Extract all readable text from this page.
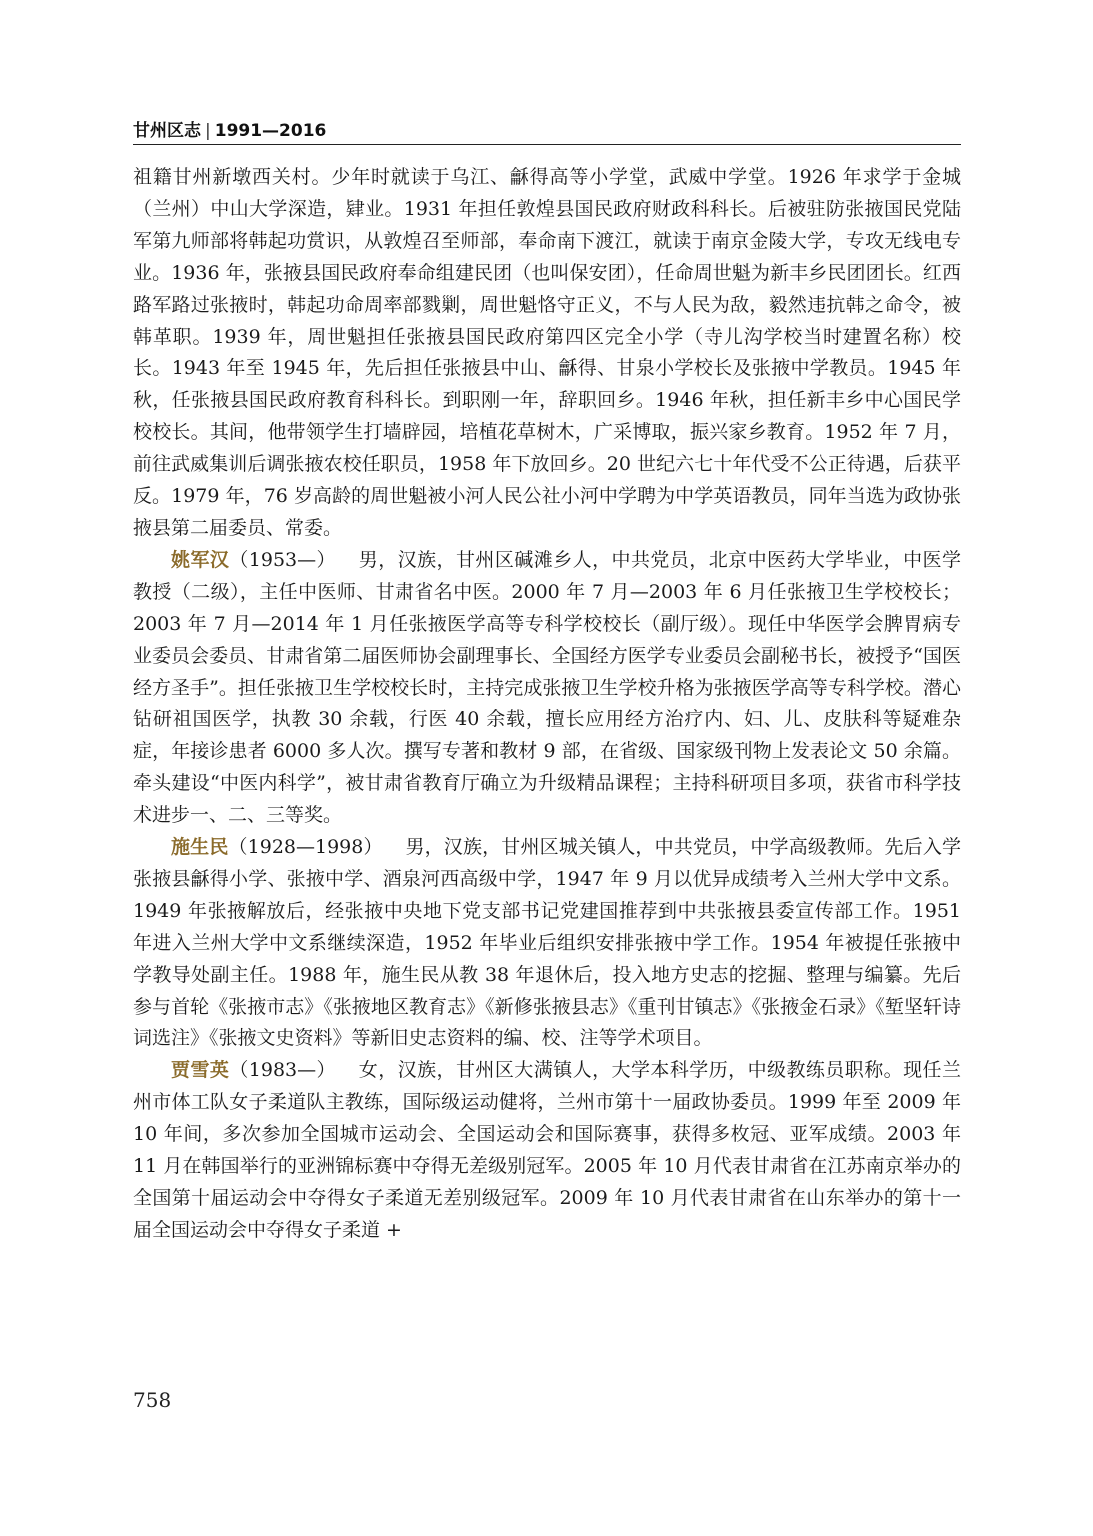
甘州区志 | 1991—2016

祖籍甘州新墩西关村。少年时就读于乌江、龢得高等小学堂，武威中学堂。1926 年求学于金城（兰州）中山大学深造，肄业。1931 年担任敦煌县国民政府财政科科长。后被驻防张掖国民党陆军第九师部将韩起功赏识，从敦煌召至师部，奉命南下渡江，就读于南京金陵大学，专攻无线电专业。1936 年，张掖县国民政府奉命组建民团（也叫保安团），任命周世魁为新丰乡民团团长。红西路军路过张掖时，韩起功命周率部戮剿，周世魁恪守正义，不与人民为敌，毅然违抗韩之命令，被韩革职。1939 年，周世魁担任张掖县国民政府第四区完全小学（寺儿沟学校当时建置名称）校长。1943 年至 1945 年，先后担任张掖县中山、龢得、甘泉小学校长及张掖中学教员。1945 年秋，任张掖县国民政府教育科科长。到职刚一年，辞职回乡。1946 年秋，担任新丰乡中心国民学校校长。其间，他带领学生打墙辟园，培植花草树木，广采博取，振兴家乡教育。1952 年 7 月，前往武威集训后调张掖农校任职员，1958 年下放回乡。20 世纪六七十年代受不公正待遇，后获平反。1979 年，76 岁高龄的周世魁被小河人民公社小河中学聘为中学英语教员，同年当选为政协张掖县第二届委员、常委。

姚军汉（1953—） 男，汉族，甘州区碱滩乡人，中共党员，北京中医药大学毕业，中医学教授（二级），主任中医师、甘肃省名中医。2000 年 7 月—2003 年 6 月任张掖卫生学校校长；2003 年 7 月—2014 年 1 月任张掖医学高等专科学校校长（副厅级）。现任中华医学会脾胃病专业委员会委员、甘肃省第二届医师协会副理事长、全国经方医学专业委员会副秘书长，被授予“国医经方圣手”。担任张掖卫生学校校长时，主持完成张掖卫生学校升格为张掖医学高等专科学校。潜心钻研祖国医学，执教 30 余载，行医 40 余载，擅长应用经方治疗内、妇、儿、皮肤科等疑难杂症，年接诊患者 6000 多人次。撰写专著和教材 9 部，在省级、国家级刊物上发表论文 50 余篇。牵头建设“中医内科学”，被甘肃省教育厅确立为升级精品课程；主持科研项目多项，获省市科学技术进步一、二、三等奖。

施生民（1928—1998） 男，汉族，甘州区城关镇人，中共党员，中学高级教师。先后入学张掖县龢得小学、张掖中学、酒泉河西高级中学，1947 年 9 月以优异成绩考入兰州大学中文系。1949 年张掖解放后，经张掖中央地下党支部书记党建国推荐到中共张掖县委宣传部工作。1951 年进入兰州大学中文系继续深造，1952 年毕业后组织安排张掖中学工作。1954 年被提任张掖中学教导处副主任。1988 年，施生民从教 38 年退休后，投入地方史志的挖掘、整理与编纂。先后参与首轮《张掖市志》《张掖地区教育志》《新修张掖县志》《重刊甘镇志》《张掖金石录》《堑坚轩诗词选注》《张掖文史资料》等新旧史志资料的编、校、注等学术项目。

贾雪英（1983—） 女，汉族，甘州区大满镇人，大学本科学历，中级教练员职称。现任兰州市体工队女子柔道队主教练，国际级运动健将，兰州市第十一届政协委员。1999 年至 2009 年 10 年间，多次参加全国城市运动会、全国运动会和国际赛事，获得多枚冠、亚军成绩。2003 年 11 月在韩国举行的亚洲锦标赛中夺得无差级别冠军。2005 年 10 月代表甘肃省在江苏南京举办的全国第十届运动会中夺得女子柔道无差别级冠军。2009 年 10 月代表甘肃省在山东举办的第十一届全国运动会中夺得女子柔道 +

758
